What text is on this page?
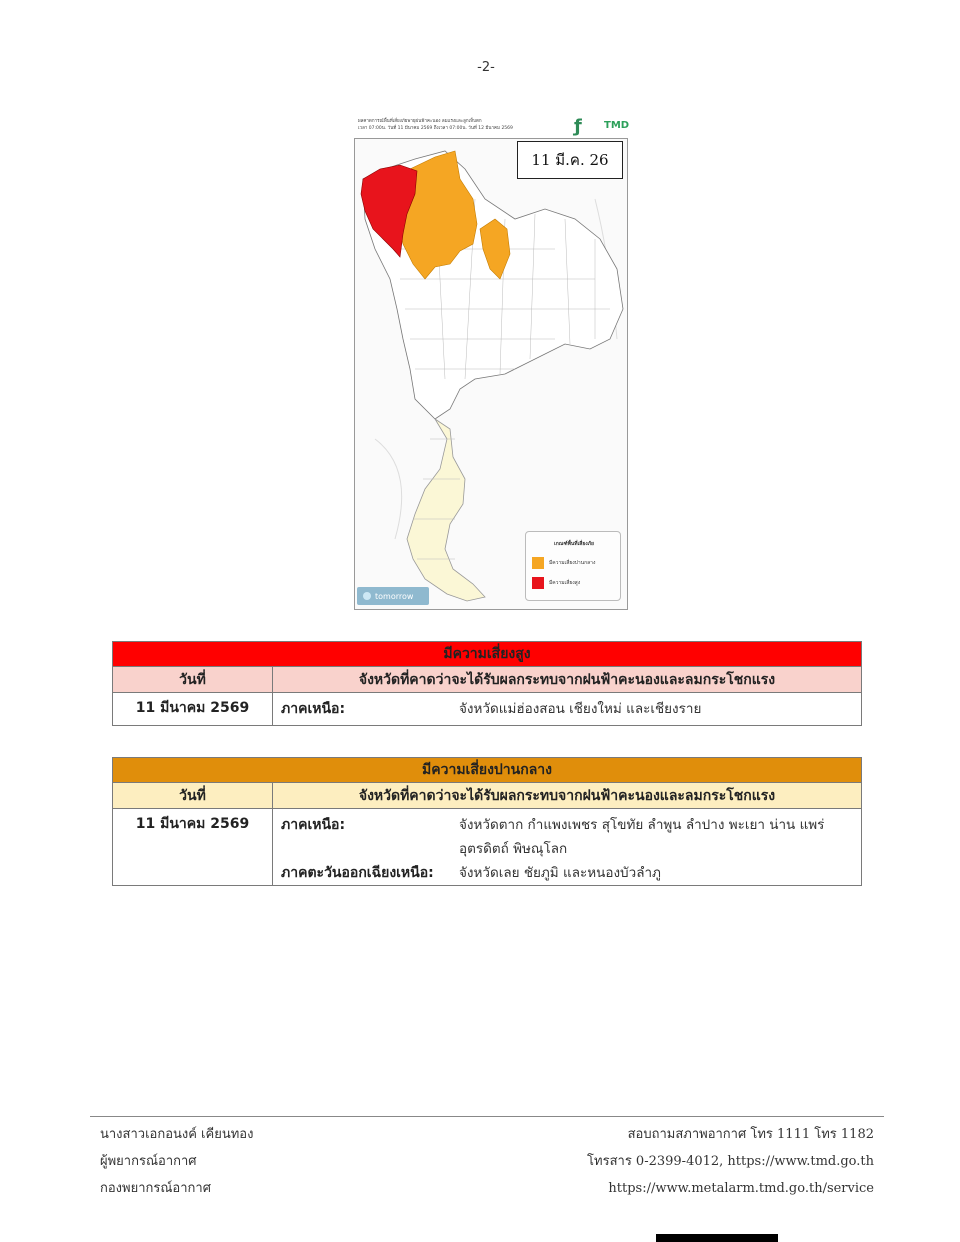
-2-
ผลคาดการณ์พื้นที่เสี่ยงภัยพายุฝนฟ้าคะนอง ลมแรงและลูกเห็บตก
เวลา 07:00น. วันที่ 11 มีนาคม 2569 ถึงเวลา 07:00น. วันที่ 12 มีนาคม 2569	ƒ TMD
11 มี.ค. 26
เกณฑ์พื้นที่เสี่ยงภัย
มีความเสี่ยงปานกลาง
มีความเสี่ยงสูง
tomorrow
มีความเสี่ยงสูง	
วันที่	จังหวัดที่คาดว่าจะได้รับผลกระทบจากฝนฟ้าคะนองและลมกระโชกแรง
11 มีนาคม 2569	ภาคเหนือ: จังหวัดแม่ฮ่องสอน เชียงใหม่ และเชียงราย
มีความเสี่ยงปานกลาง	
วันที่	จังหวัดที่คาดว่าจะได้รับผลกระทบจากฝนฟ้าคะนองและลมกระโชกแรง
11 มีนาคม 2569	ภาคเหนือ: จังหวัดตาก กำแพงเพชร สุโขทัย ลำพูน ลำปาง พะเยา น่าน แพร่
อุตรดิตถ์ พิษณุโลก
ภาคตะวันออกเฉียงเหนือ: จังหวัดเลย ชัยภูมิ และหนองบัวลำภู
นางสาวเอกอนงค์ เคียนทอง
ผู้พยากรณ์อากาศ
กองพยากรณ์อากาศ
สอบถามสภาพอากาศ โทร 1111 โทร 1182
โทรสาร 0-2399-4012, https://www.tmd.go.th
https://www.metalarm.tmd.go.th/service
